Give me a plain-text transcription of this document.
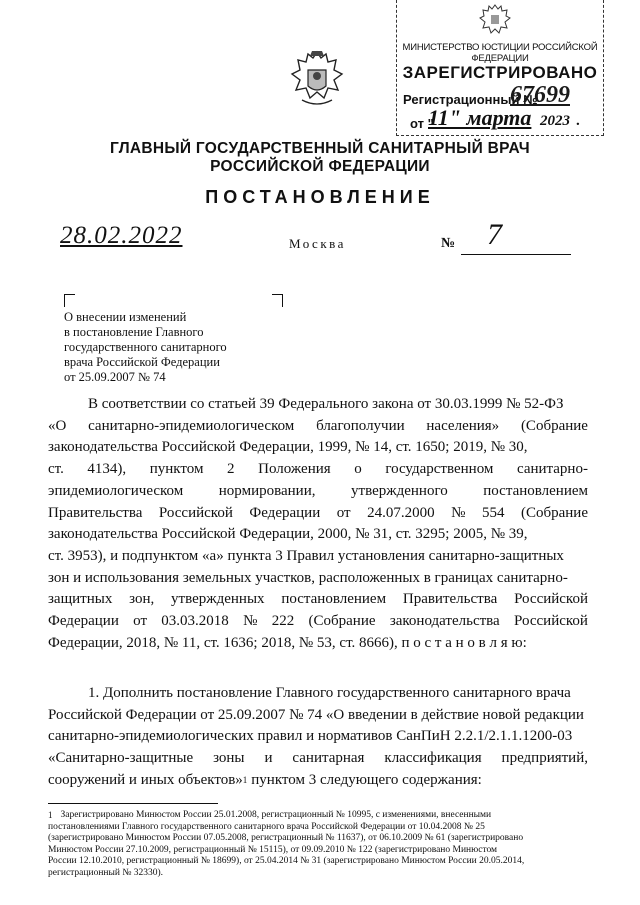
МИНИСТЕРСТВО ЮСТИЦИИ РОССИЙСКОЙ ФЕДЕРАЦИИ
ЗАРЕГИСТРИРОВАНО
Регистрационный №
67699
от "
11" марта 2023 .
ГЛАВНЫЙ ГОСУДАРСТВЕННЫЙ САНИТАРНЫЙ ВРАЧ
РОССИЙСКОЙ ФЕДЕРАЦИИ
ПОСТАНОВЛЕНИЕ
28.02.2022	Москва	№ 7
О внесении изменений
в постановление Главного
государственного санитарного
врача Российской Федерации
от 25.09.2007 № 74
В соответствии со статьей 39 Федерального закона от 30.03.1999 № 52-ФЗ
«О санитарно-эпидемиологическом благополучии населения» (Собрание
законодательства Российской Федерации, 1999, № 14, ст. 1650; 2019, № 30,
ст. 4134), пунктом 2 Положения о государственном санитарно-
эпидемиологическом нормировании, утвержденного постановлением
Правительства Российской Федерации от 24.07.2000 № 554 (Собрание
законодательства Российской Федерации, 2000, № 31, ст. 3295; 2005, № 39,
ст. 3953), и подпунктом «а» пункта 3 Правил установления санитарно-защитных
зон и использования земельных участков, расположенных в границах санитарно-
защитных зон, утвержденных постановлением Правительства Российской
Федерации от 03.03.2018 № 222 (Собрание законодательства Российской
Федерации, 2018, № 11, ст. 1636; 2018, № 53, ст. 8666), п о с т а н о в л я ю:
1. Дополнить постановление Главного государственного санитарного врача
Российской Федерации от 25.09.2007 № 74 «О введении в действие новой редакции
санитарно-эпидемиологических правил и нормативов СанПиН 2.2.1/2.1.1.1200-03
«Санитарно-защитные зоны и санитарная классификация предприятий,
сооружений и иных объектов» 1 пунктом 3 следующего содержания:
1 Зарегистрировано Минюстом России 25.01.2008, регистрационный № 10995, с изменениями, внесенными
постановлениями Главного государственного санитарного врача Российской Федерации от 10.04.2008 № 25
(зарегистрировано Минюстом России 07.05.2008, регистрационный № 11637), от 06.10.2009 № 61 (зарегистрировано
Минюстом России 27.10.2009, регистрационный № 15115), от 09.09.2010 № 122 (зарегистрировано Минюстом
России 12.10.2010, регистрационный № 18699), от 25.04.2014 № 31 (зарегистрировано Минюстом России 20.05.2014,
регистрационный № 32330).
